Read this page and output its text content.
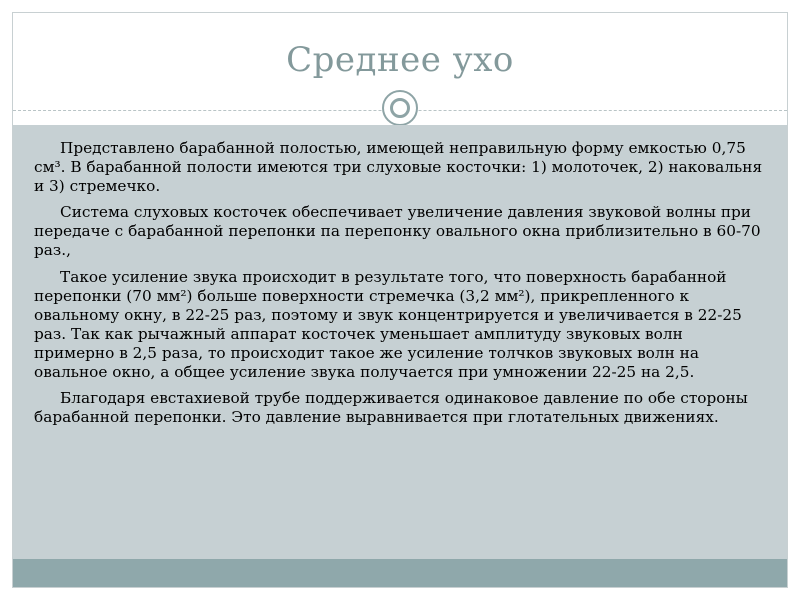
Среднее ухо

Представлено барабанной полостью, имеющей неправильную форму емкостью 0,75 см³. В барабанной полости имеются три слуховые косточки: 1) молоточек, 2) наковальня и 3) стремечко.

Система слуховых косточек обеспечивает увеличение давления звуковой волны при передаче с барабанной перепонки па перепонку овального окна приблизительно в 60-70 раз.,

Такое усиление звука происходит в результате того, что поверхность барабанной перепонки (70 мм²) больше поверхности стремечка (3,2 мм²), прикрепленного к овальному окну, в 22-25 раз, поэтому и звук концентрируется и увеличивается в 22-25 раз. Так как рычажный аппарат косточек уменьшает амплитуду звуковых волн примерно в 2,5 раза, то происходит такое же усиление толчков звуковых волн на овальное окно, а общее усиление звука получается при умножении 22-25 на 2,5.

Благодаря евстахиевой трубе поддерживается одинаковое давление по обе стороны барабанной перепонки. Это давление выравнивается при глотательных движениях.
